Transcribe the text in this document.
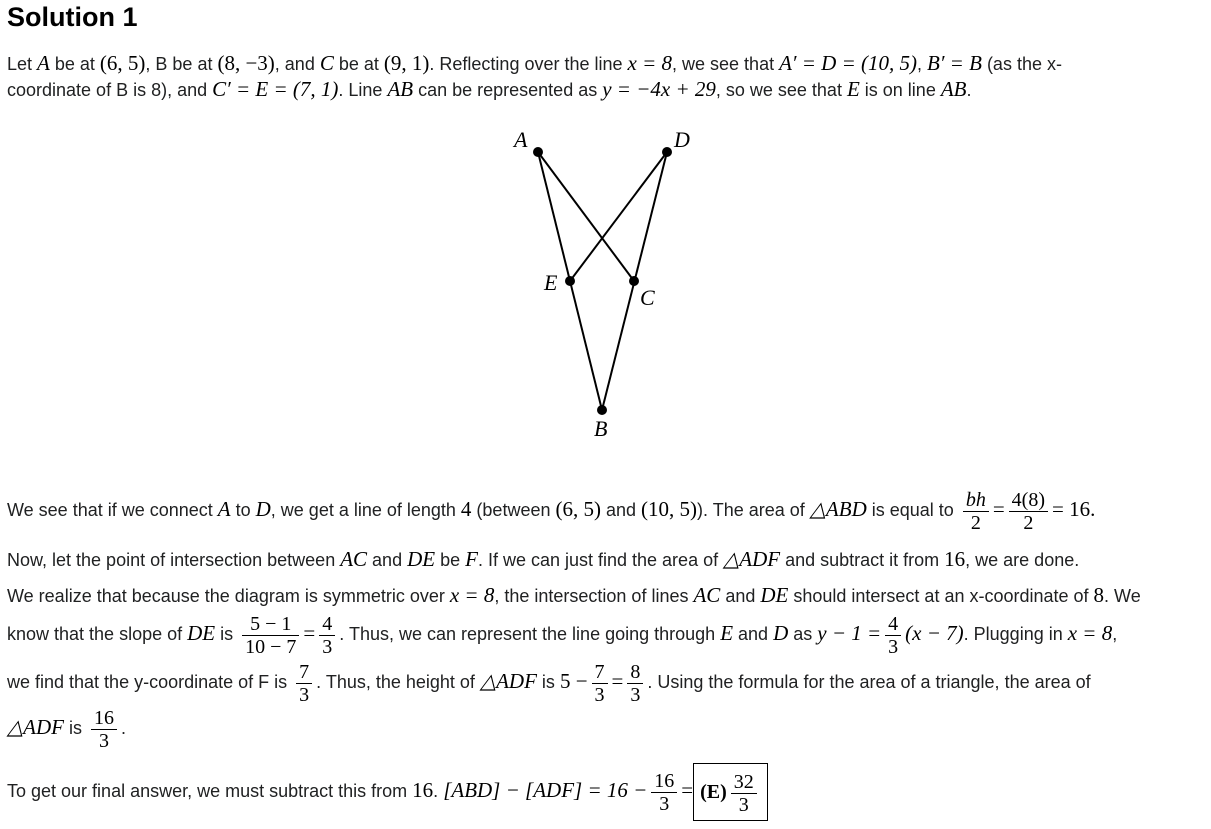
Solution 1
Let A be at (6, 5), B be at (8, −3), and C be at (9, 1). Reflecting over the line x = 8, we see that A′ = D = (10, 5), B′ = B (as the x-
coordinate of B is 8), and C′ = E = (7, 1). Line AB can be represented as y = −4x + 29, so we see that E is on line AB.
A	D
E
C
B
We see that if we connect A to D, we get a line of length 4 (between (6, 5) and (10, 5)). The area of △ABD is equal to $\frac{bh}{2} = \frac{4(8)}{2} = 16$.
Now, let the point of intersection between AC and DE be F. If we can just find the area of △ADF and subtract it from 16, we are done.
We realize that because the diagram is symmetric over x = 8, the intersection of lines AC and DE should intersect at an x-coordinate of 8. We
know that the slope of DE is $\frac{5 - 1}{10 - 7} = \frac{4}{3}$ . Thus, we can represent the line going through E and D as $y - 1 = \frac{4}{3} (x - 7)$. Plugging in x = 8,
we find that the y-coordinate of F is $\frac{7}{3}$ . Thus, the height of △ADF is $5 - \frac{7}{3} = \frac{8}{3}$ . Using the formula for the area of a triangle, the area of
△ADF is $\frac{16}{3}$ .
To get our final answer, we must subtract this from 16. $[ABD] - [ADF] = 16 - \frac{16}{3} = (E) \frac{32}{3}$
